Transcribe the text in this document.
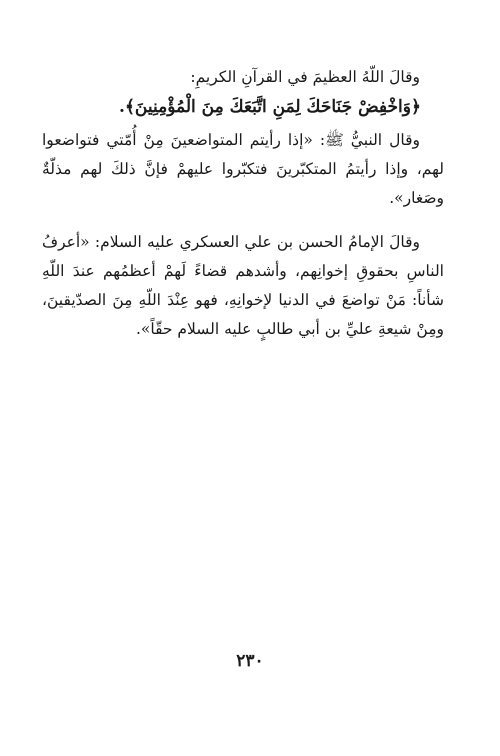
وقالَ اللّهُ العظيمَ في القرآنِ الكريمِ:

﴿وَاخْفِضْ جَنَاحَكَ لِمَنِ اتَّبَعَكَ مِنَ الْمُؤْمِنِينَ﴾.

وقال النبيُّ ﷺ: «إذا رأيتم المتواضعينَ مِنْ أُمّتي فتواضعوا لهم، وإذا رأيتمُ المتكبّرينَ فتكبّروا عليهمْ فإنَّ ذلكَ لهم مذلّةٌ وصَغار».

وقالَ الإمامُ الحسن بن علي العسكري عليه السلام: «أعرفُ الناسِ بحقوقِ إخوانِهم، وأشدهم قضاءً لَهمْ أعظمُهم عندَ اللّهِ شأناً: مَنْ تواضعَ في الدنيا لإخوانِهِ، فهو عِنْدَ اللّهِ مِنَ الصدّيقينَ، ومِنْ شيعةِ عليِّ بن أبي طالبٍ عليه السلام حقّاً».

٢٣٠
